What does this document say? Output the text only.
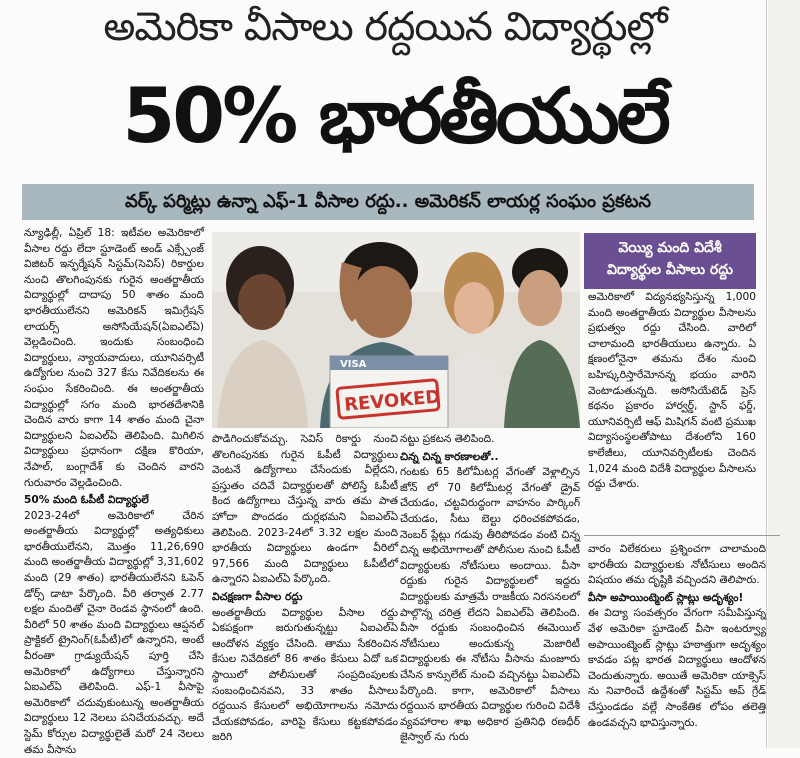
అమెరికా వీసాలు రద్దయిన విద్యార్థుల్లో
50% భారతీయులే
వర్క్ పర్మిట్లు ఉన్నా ఎఫ్-1 వీసాల రద్దు.. అమెరికన్ లాయర్ల సంఘం ప్రకటన

న్యూఢిల్లీ, ఏప్రిల్ 18: ఇటీవల అమెరికాలో వీసాల రద్దు లేదా స్టూడెంట్ అండ్ ఎక్స్చేంజ్ విజిటర్ ఇన్ఫర్మేషన్ సిస్టమ్(సెవిస్) రికార్డుల నుంచి తొలగింపునకు గురైన అంతర్జాతీయ విద్యార్థుల్లో దాదాపు 50 శాతం మంది భారతీయులేనని అమెరికన్ ఇమిగ్రేషన్ లాయర్స్ అసోసియేషన్(ఏఐఎల్ఏ) వెల్లడించింది. ఇందుకు సంబంధించి విద్యార్థులు, న్యాయవాదులు, యూనివర్సిటీ ఉద్యోగుల నుంచి 327 కేసు నివేదికలను ఈ సంఘం సేకరించింది. ఈ అంతర్జాతీయ విద్యార్థుల్లో సగం మంది భారతదేశానికి చెందిన వారు కాగా 14 శాతం మంది చైనా విద్యార్థులని ఏఐఎల్ఏ తెలిపింది. మిగిలిన విద్యార్థులు ప్రధానంగా దక్షిణ కొరియా, నేపాల్, బంగ్లాదేశ్ కు చెందిన వారని గురువారం వెల్లడించింది.

50% మంది ఓపీటీ విద్యార్థులే

2023-24లో అమెరికాలో చేరిన అంతర్జాతీయ విద్యార్థుల్లో అత్యధికులు భారతీయులేనని, మొత్తం 11,26,690 మంది అంతర్జాతీయ విద్యార్థుల్లో 3,31,602 మంది (29 శాతం) భారతీయులేనని ఓపెన్ డోర్స్ డాటా పేర్కొంది. వీరి తర్వాత 2.77 లక్షల మందితో చైనా రెండవ స్థానంలో ఉంది. వీరిలో 50 శాతం మంది విద్యార్థులు ఆప్షనల్ ప్రాక్టికల్ ట్రైనింగ్(ఓపీటీ)లో ఉన్నారని, అంటే వీరంతా గ్రాడ్యుయేషన్ పూర్తి చేసి అమెరికాలో ఉద్యోగాలు చేస్తున్నారని ఏఐఎల్ఏ తెలిపింది. ఎఫ్-1 వీసాపై అమెరికాలో చదువుకుంటున్న అంతర్జాతీయ విద్యార్థులు 12 నెలలు పనిచేయవచ్చు. అదే స్టెమ్ కోర్సుల విద్యార్థులైతే మరో 24 నెలలు తమ వీసాను

VISA
REVOKED
వెయ్యి మంది విదేశీ
విద్యార్థుల వీసాలు రద్దు

అమెరికాలో విద్యనభ్యసిస్తున్న 1,000 మంది అంతర్జాతీయ విద్యార్థుల వీసాలను ప్రభుత్వం రద్దు చేసింది. వారిలో చాలామంది భారతీయులు ఉన్నారు. ఏ క్షణంలోనైనా తమను దేశం నుంచి బహిష్కరిస్తారేమోనన్న భయం వారిని వెంటాడుతున్నది. అసోసియేటెడ్ ప్రెస్ కథనం ప్రకారం హార్వర్డ్, స్టాన్ ఫర్డ్, యూనివర్సిటీ ఆఫ్ మిషిగన్ వంటి ప్రముఖ విద్యాసంస్థలతోపాటు దేశంలోని 160 కాలేజీలు, యూనివర్సిటీలకు చెందిన 1,024 మంది విదేశీ విద్యార్థుల వీసాలను రద్దు చేశారు.

పొడిగించుకోవచ్చు. సెవిస్ రికార్డు నుంచి తొలగింపునకు గురైన ఓపీటీ విద్యార్థులు వెంటనే ఉద్యోగాలు చేసేందుకు వీల్లేదని, ప్రస్తుతం చదివే విద్యార్థులతో పోలిస్తే ఓపీటీ కింద ఉద్యోగాలు చేస్తున్న వారు తమ పాత హోదా పొందడం దుర్లభమని ఏఐఎల్ఏ తెలిపింది. 2023-24లో 3.32 లక్షల మంది భారతీయ విద్యార్థులు ఉండగా వీరిలో 97,566 మంది విద్యార్థులు ఓపీటీలో ఉన్నారని ఏఐఎల్ఏ పేర్కొంది.

విచక్షణగా వీసాల రద్దు

అంతర్జాతీయ విద్యార్థుల వీసాల రద్దు ఏకపక్షంగా జరుగుతున్నట్టు ఏఐఎల్ఏ ఆందోళన వ్యక్తం చేసింది. తాము సేకరించిన కేసుల నివేదికలో 86 శాతం కేసులు ఏదో ఒక స్థాయిలో పోలీసులతో సంప్రదింపులకు సంబంధించినవని, 33 శాతం వీసాలు రద్దయిన కేసులలో అభియోగాలను నమోదు చేయకపోవడం, వారిపై కేసులు కట్టకపోవడం జరిగి

నట్టు ప్రకటన తెలిపింది.

చిన్న చిన్న కారణాలతో..

గంటకు 65 కిలోమీటర్ల వేగంతో వెళ్లాల్సిన జోన్ లో 70 కిలోమీటర్ల వేగంతో డ్రైవ్ చేయడం, చట్టవిరుద్ధంగా వాహనం పార్కింగ్ చేయడం, సీటు బెల్టు ధరించకపోవడం, నెంబర్ ప్లేట్లు గడువు తీరిపోవడం వంటి చిన్న చిన్న అభియోగాలతో పోలీసుల నుంచి ఓపీటీ విద్యార్థులకు నోటీసులు అందాయి. వీసా రద్దుకు గురైన విద్యార్థులలో ఇద్దరు విద్యార్థులకు మాత్రమే రాజకీయ నిరసనలలో పాల్గొన్న చరిత్ర లేదని ఏఐఎల్ఏ తెలిపింది. వీసా రద్దుకు సంబంధించిన ఈమెయిల్ నోటీసులు అందుకున్న మెజారిటీ విద్యార్థులకు ఈ నోటీసు వీసాను మంజూరు చేసిన కాన్సులేట్ నుంచి వచ్చినట్టు ఏఐఎల్ఏ పేర్కొంది. కాగా, అమెరికాలో వీసాలు రద్దయిన భారతీయ విద్యార్థుల గురించి విదేశీ వ్యవహారాల శాఖ అధికార ప్రతినిధి రణధీర్ జైస్వాల్ ను గురు

వారం విలేకరులు ప్రశ్నించగా చాలామంది భారతీయ విద్యార్థులకు నోటీసులు అందిన విషయం తమ దృష్టికి వచ్చిందని తెలిపారు.

వీసా అపాయింట్మెంట్ స్లాట్లు అదృశ్యం!

ఈ విద్యా సంవత్సరం వేగంగా సమీపిస్తున్న వేళ అమెరికా స్టూడెంట్ వీసా ఇంటర్వ్యూ అపాయింట్మెంట్ స్లాట్లు హఠాత్తుగా అదృశ్యం కావడం పట్ల భారత విద్యార్థులు ఆందోళన చెందుతున్నారు. అయితే అమెరికా యాక్సెస్ ను నివారించే ఉద్దేశంతో సిస్టమ్ అప్ గ్రేడ్ చేస్తుండడం వల్లే సాంకేతిక లోపం తలెత్తి ఉండవచ్చని భావిస్తున్నారు.
